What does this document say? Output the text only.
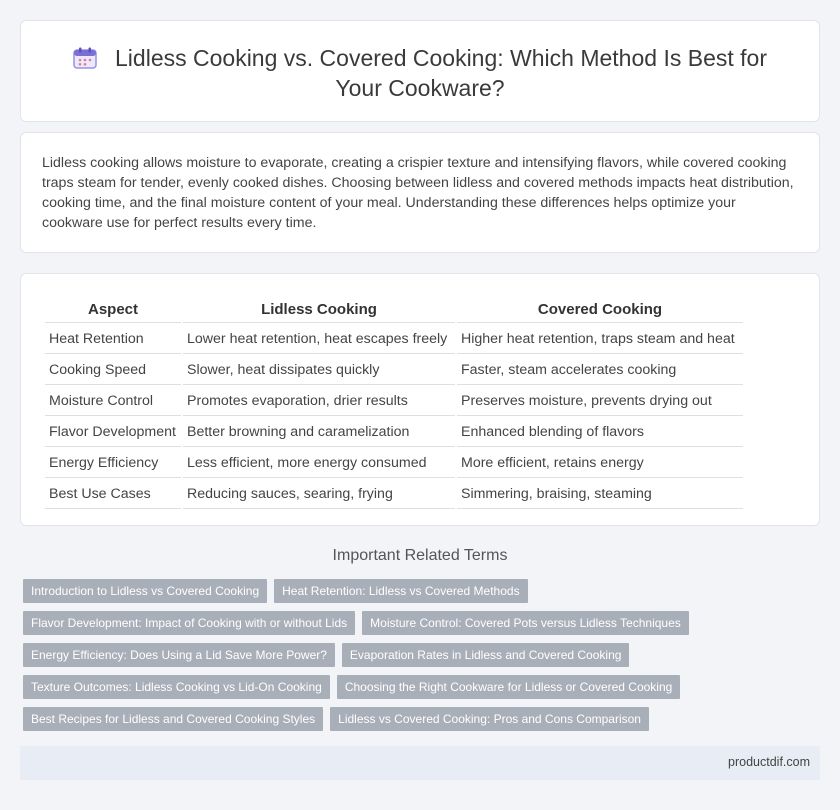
Lidless Cooking vs. Covered Cooking: Which Method Is Best for Your Cookware?

Lidless cooking allows moisture to evaporate, creating a crispier texture and intensifying flavors, while covered cooking traps steam for tender, evenly cooked dishes. Choosing between lidless and covered methods impacts heat distribution, cooking time, and the final moisture content of your meal. Understanding these differences helps optimize your cookware use for perfect results every time.

Aspect	Lidless Cooking	Covered Cooking
Heat Retention	Lower heat retention, heat escapes freely	Higher heat retention, traps steam and heat
Cooking Speed	Slower, heat dissipates quickly	Faster, steam accelerates cooking
Moisture Control	Promotes evaporation, drier results	Preserves moisture, prevents drying out
Flavor Development	Better browning and caramelization	Enhanced blending of flavors
Energy Efficiency	Less efficient, more energy consumed	More efficient, retains energy
Best Use Cases	Reducing sauces, searing, frying	Simmering, braising, steaming
Important Related Terms
Introduction to Lidless vs Covered Cooking	Heat Retention: Lidless vs Covered Methods
Flavor Development: Impact of Cooking with or without Lids	Moisture Control: Covered Pots versus Lidless Techniques
Energy Efficiency: Does Using a Lid Save More Power?	Evaporation Rates in Lidless and Covered Cooking
Texture Outcomes: Lidless Cooking vs Lid-On Cooking	Choosing the Right Cookware for Lidless or Covered Cooking
Best Recipes for Lidless and Covered Cooking Styles	Lidless vs Covered Cooking: Pros and Cons Comparison
productdif.com
